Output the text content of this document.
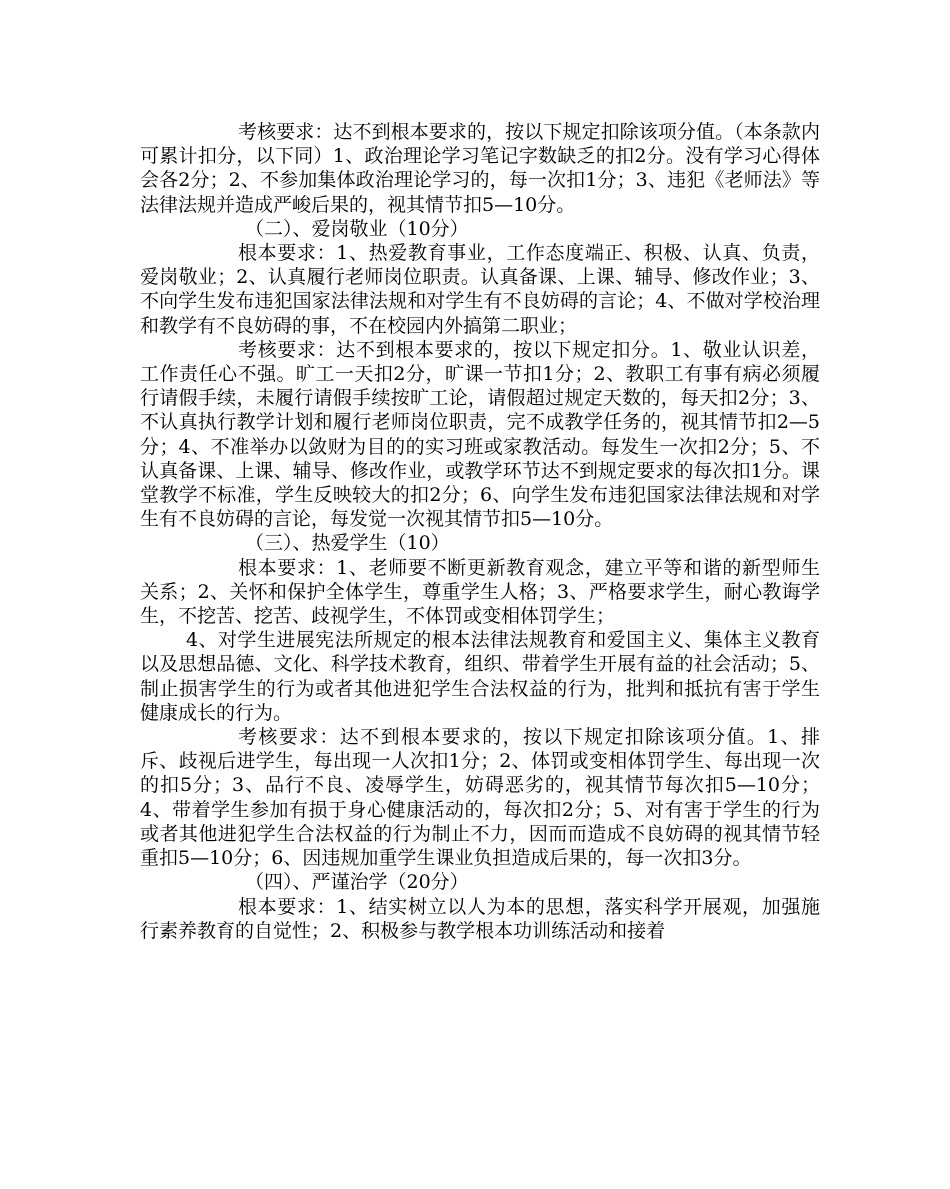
考核要求：达不到根本要求的，按以下规定扣除该项分值。（本条款内可累计扣分，以下同）1、政治理论学习笔记字数缺乏的扣2分。没有学习心得体会各2分；2、不参加集体政治理论学习的，每一次扣1分；3、违犯《老师法》等法律法规并造成严峻后果的，视其情节扣5—10分。

（二）、爱岗敬业（10分）

根本要求：1、热爱教育事业，工作态度端正、积极、认真、负责，爱岗敬业；2、认真履行老师岗位职责。认真备课、上课、辅导、修改作业；3、不向学生发布违犯国家法律法规和对学生有不良妨碍的言论；4、不做对学校治理和教学有不良妨碍的事，不在校园内外搞第二职业；

考核要求：达不到根本要求的，按以下规定扣分。1、敬业认识差，工作责任心不强。旷工一天扣2分，旷课一节扣1分；2、教职工有事有病必须履行请假手续，未履行请假手续按旷工论，请假超过规定天数的，每天扣2分；3、不认真执行教学计划和履行老师岗位职责，完不成教学任务的，视其情节扣2—5分；4、不准举办以敛财为目的的实习班或家教活动。每发生一次扣2分；5、不认真备课、上课、辅导、修改作业，或教学环节达不到规定要求的每次扣1分。课堂教学不标准，学生反映较大的扣2分；6、向学生发布违犯国家法律法规和对学生有不良妨碍的言论，每发觉一次视其情节扣5—10分。

（三）、热爱学生（10）

根本要求：1、老师要不断更新教育观念，建立平等和谐的新型师生关系；2、关怀和保护全体学生，尊重学生人格；3、严格要求学生，耐心教诲学生，不挖苦、挖苦、歧视学生，不体罚或变相体罚学生；

4、对学生进展宪法所规定的根本法律法规教育和爱国主义、集体主义教育以及思想品德、文化、科学技术教育，组织、带着学生开展有益的社会活动；5、制止损害学生的行为或者其他进犯学生合法权益的行为，批判和抵抗有害于学生健康成长的行为。

考核要求：达不到根本要求的，按以下规定扣除该项分值。1、排斥、歧视后进学生，每出现一人次扣1分；2、体罚或变相体罚学生、每出现一次的扣5分；3、品行不良、凌辱学生，妨碍恶劣的，视其情节每次扣5—10分；4、带着学生参加有损于身心健康活动的，每次扣2分；5、对有害于学生的行为或者其他进犯学生合法权益的行为制止不力，因而而造成不良妨碍的视其情节轻重扣5—10分；6、因违规加重学生课业负担造成后果的，每一次扣3分。

（四）、严谨治学（20分）

根本要求：1、结实树立以人为本的思想，落实科学开展观，加强施行素养教育的自觉性；2、积极参与教学根本功训练活动和接着
